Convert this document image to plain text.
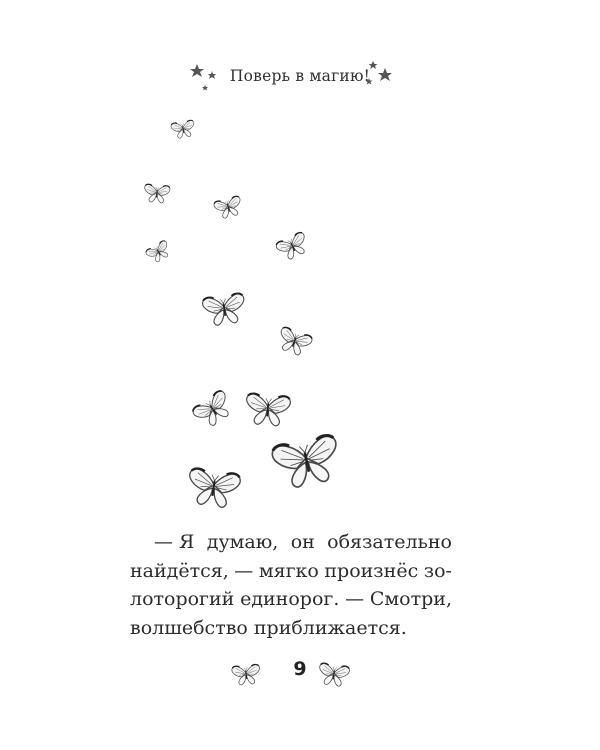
Поверь в магию!
— Я думаю, он обязательно
найдётся, — мягко произнёс зо-
лоторогий единорог. — Смотри,
волшебство приближается.
9
